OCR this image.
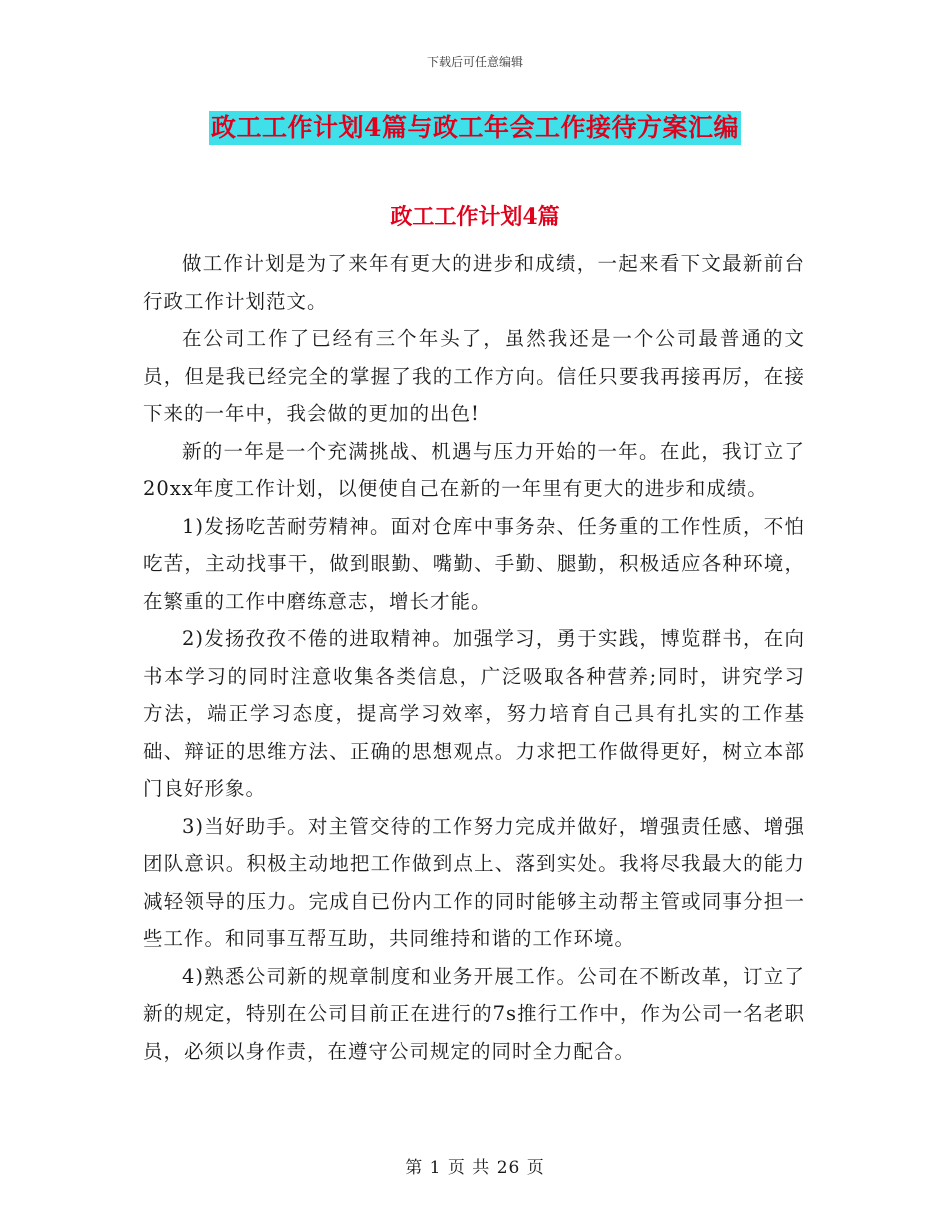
下载后可任意编辑
政工工作计划4篇与政工年会工作接待方案汇编
政工工作计划4篇

做工作计划是为了来年有更大的进步和成绩，一起来看下文最新前台行政工作计划范文。

在公司工作了已经有三个年头了，虽然我还是一个公司最普通的文员，但是我已经完全的掌握了我的工作方向。信任只要我再接再厉，在接下来的一年中，我会做的更加的出色!

新的一年是一个充满挑战、机遇与压力开始的一年。在此，我订立了20xx年度工作计划，以便使自己在新的一年里有更大的进步和成绩。

1)发扬吃苦耐劳精神。面对仓库中事务杂、任务重的工作性质，不怕吃苦，主动找事干，做到眼勤、嘴勤、手勤、腿勤，积极适应各种环境，在繁重的工作中磨练意志，增长才能。

2)发扬孜孜不倦的进取精神。加强学习，勇于实践，博览群书，在向书本学习的同时注意收集各类信息，广泛吸取各种营养;同时，讲究学习方法，端正学习态度，提高学习效率，努力培育自己具有扎实的工作基础、辩证的思维方法、正确的思想观点。力求把工作做得更好，树立本部门良好形象。

3)当好助手。对主管交待的工作努力完成并做好，增强责任感、增强团队意识。积极主动地把工作做到点上、落到实处。我将尽我最大的能力减轻领导的压力。完成自已份内工作的同时能够主动帮主管或同事分担一些工作。和同事互帮互助，共同维持和谐的工作环境。

4)熟悉公司新的规章制度和业务开展工作。公司在不断改革，订立了新的规定，特别在公司目前正在进行的7s推行工作中，作为公司一名老职员，必须以身作责，在遵守公司规定的同时全力配合。

第 1 页 共 26 页
